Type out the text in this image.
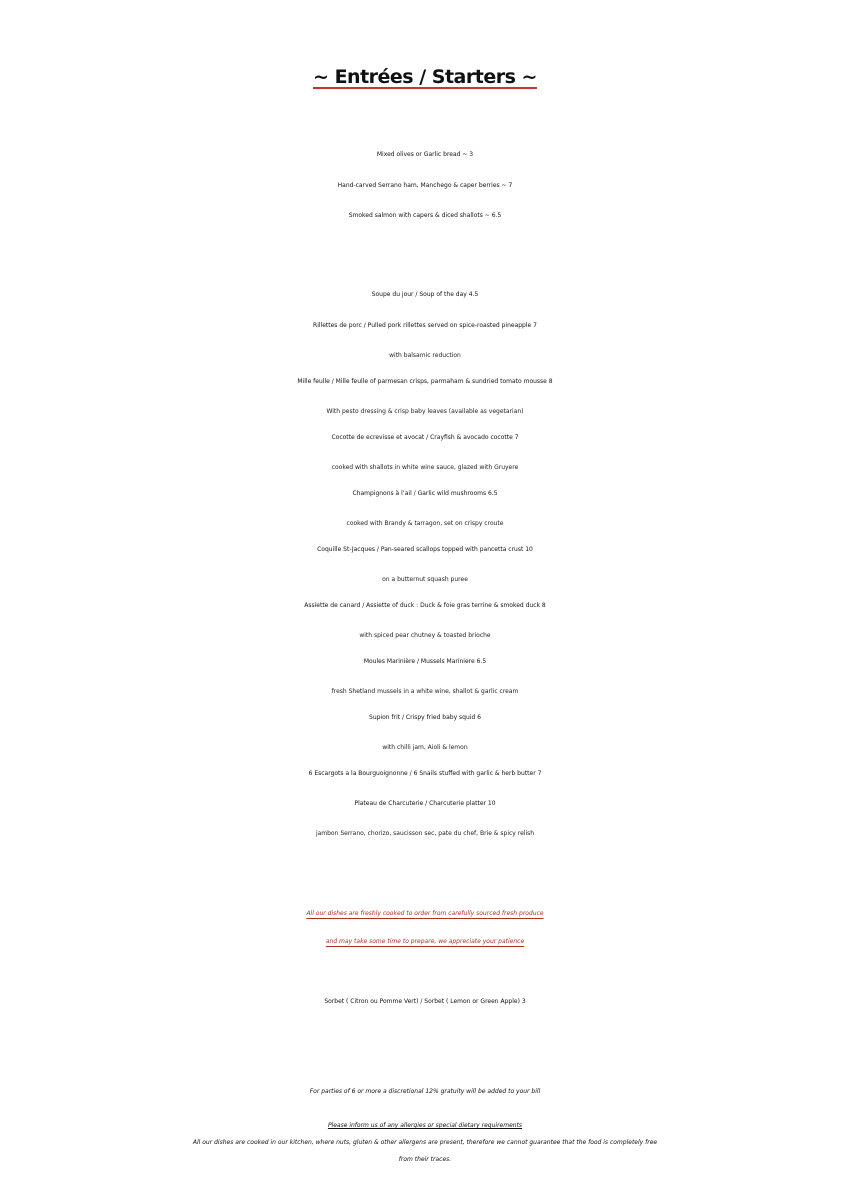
~ Entrées / Starters ~
Mixed olives or Garlic bread ~ 3
Hand-carved Serrano ham, Manchego & caper berries ~ 7
Smoked salmon with capers & diced shallots ~ 6.5
Soupe du jour / Soup of the day 4.5
Rillettes de porc / Pulled pork rillettes served on spice-roasted pineapple 7
with balsamic reduction
Mille feulle / Mille feulle of parmesan crisps, parmaham & sundried tomato mousse 8
With pesto dressing & crisp baby leaves (available as vegetarian)
Cocotte de ecrevisse et avocat / Crayfish & avocado cocotte 7
cooked with shallots in white wine sauce, glazed with Gruyere
Champignons à l’ail / Garlic wild mushrooms 6.5
cooked with Brandy & tarragon, set on crispy croute
Coquille St-Jacques / Pan-seared scallops topped with pancetta crust 10
on a butternut squash puree
Assiette de canard / Assiette of duck : Duck & foie gras terrine & smoked duck 8
with spiced pear chutney & toasted brioche
Moules Marinière / Mussels Mariniere 6.5
fresh Shetland mussels in a white wine, shallot & garlic cream
Supion frit / Crispy fried baby squid 6
with chilli jam, Aioli & lemon
6 Escargots a la Bourguoignonne / 6 Snails stuffed with garlic & herb butter 7
Plateau de Charcuterie / Charcuterie platter 10
jambon Serrano, chorizo, saucisson sec, pate du chef, Brie & spicy relish
All our dishes are freshly cooked to order from carefully sourced fresh produce
and may take some time to prepare, we appreciate your patience
Sorbet ( Citron ou Pomme Vert) / Sorbet ( Lemon or Green Apple) 3
For parties of 6 or more a discretional 12% gratuity will be added to your bill
Please inform us of any allergies or special dietary requirements
All our dishes are cooked in our kitchen, where nuts, gluten & other allergens are present, therefore we cannot guarantee that the food is completely free
from their traces.
